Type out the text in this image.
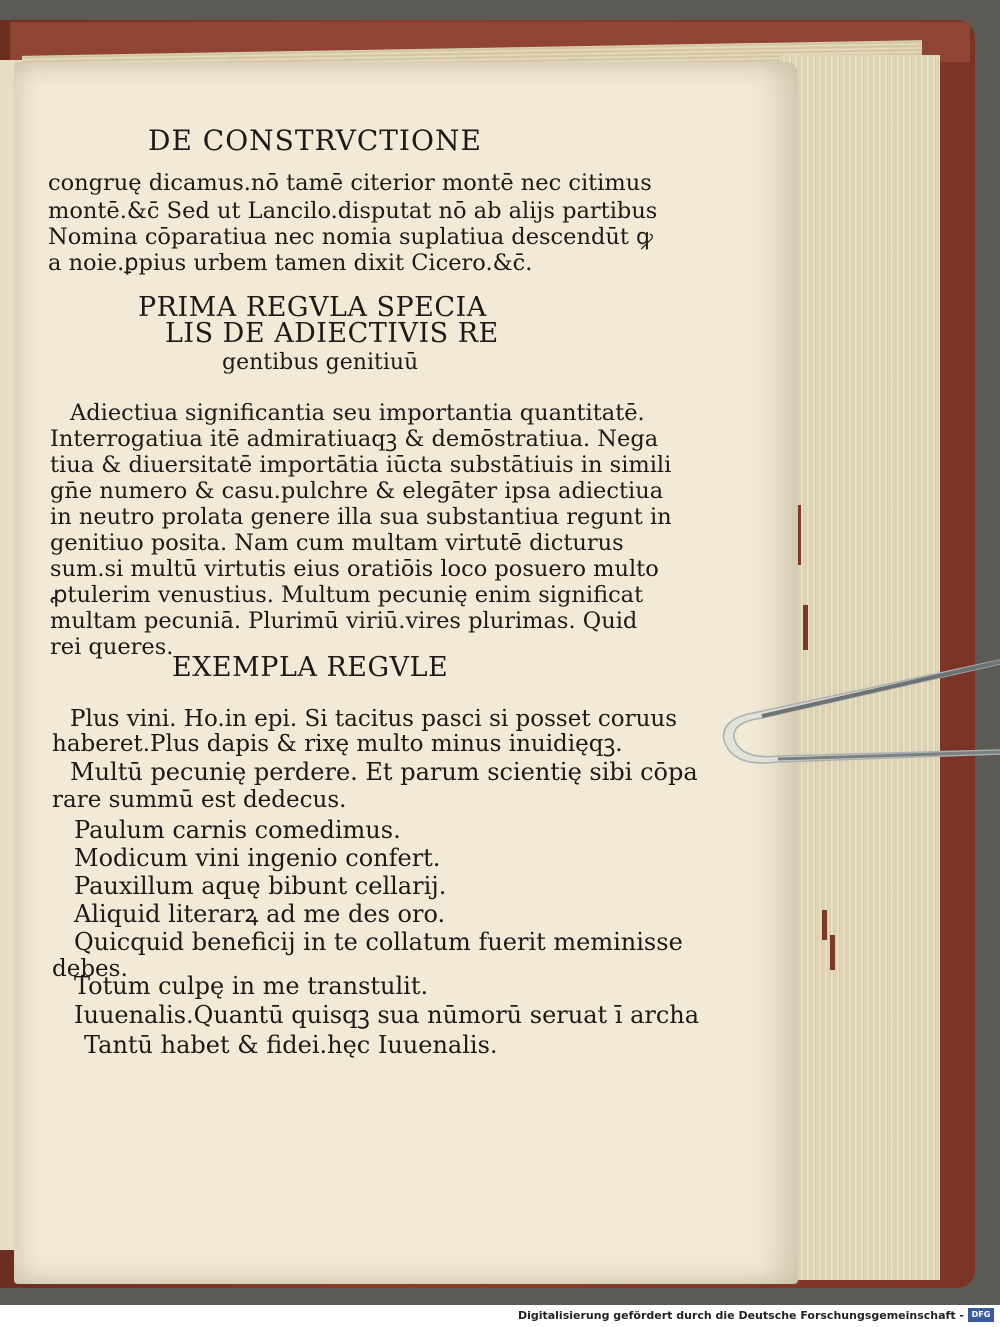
DE CONSTRVCTIONE
congruę dicamus.nō tamē citerior montē nec citimus
montē.&c̄ Sed ut Lancilo.disputat nō ab alijs partibus
Nomina cōparatiua nec nomia suplatiua descendūt ꝙ
a noie.ꝑpius urbem tamen dixit Cicero.&c̄.
PRIMA REGVLA SPECIA
LIS DE ADIECTIVIS RE
gentibus genitiuū
Adiectiua significantia seu importantia quantitatē.
Interrogatiua itē admiratiuaqꝫ & demōstratiua. Nega
tiua & diuersitatē importātia iūcta substātiuis in simili
gn̄e numero & casu.pulchre & elegāter ipsa adiectiua
in neutro prolata genere illa sua substantiua regunt in
genitiuo posita. Nam cum multam virtutē dicturus
sum.si multū virtutis eius oratiōis loco posuero multo
ꝓtulerim venustius. Multum pecunię enim significat
multam pecuniā. Plurimū viriū.vires plurimas. Quid
rei queres.
EXEMPLA REGVLE
Plus vini. Ho.in epi. Si tacitus pasci si posset coruus
haberet.Plus dapis & rixę multo minus inuidięqꝫ.
Multū pecunię perdere. Et parum scientię sibi cōpa
rare summū est dedecus.
Paulum carnis comedimus.
Modicum vini ingenio confert.
Pauxillum aquę bibunt cellarij.
Aliquid literarꝝ ad me des oro.
Quicquid beneficij in te collatum fuerit meminisse
debes.
Totum culpę in me transtulit.
Iuuenalis.Quantū quisqꝫ sua nūmorū seruat ī archa
Tantū habet & fidei.hęc Iuuenalis.
Digitalisierung gefördert durch die Deutsche Forschungsgemeinschaft - DFG
